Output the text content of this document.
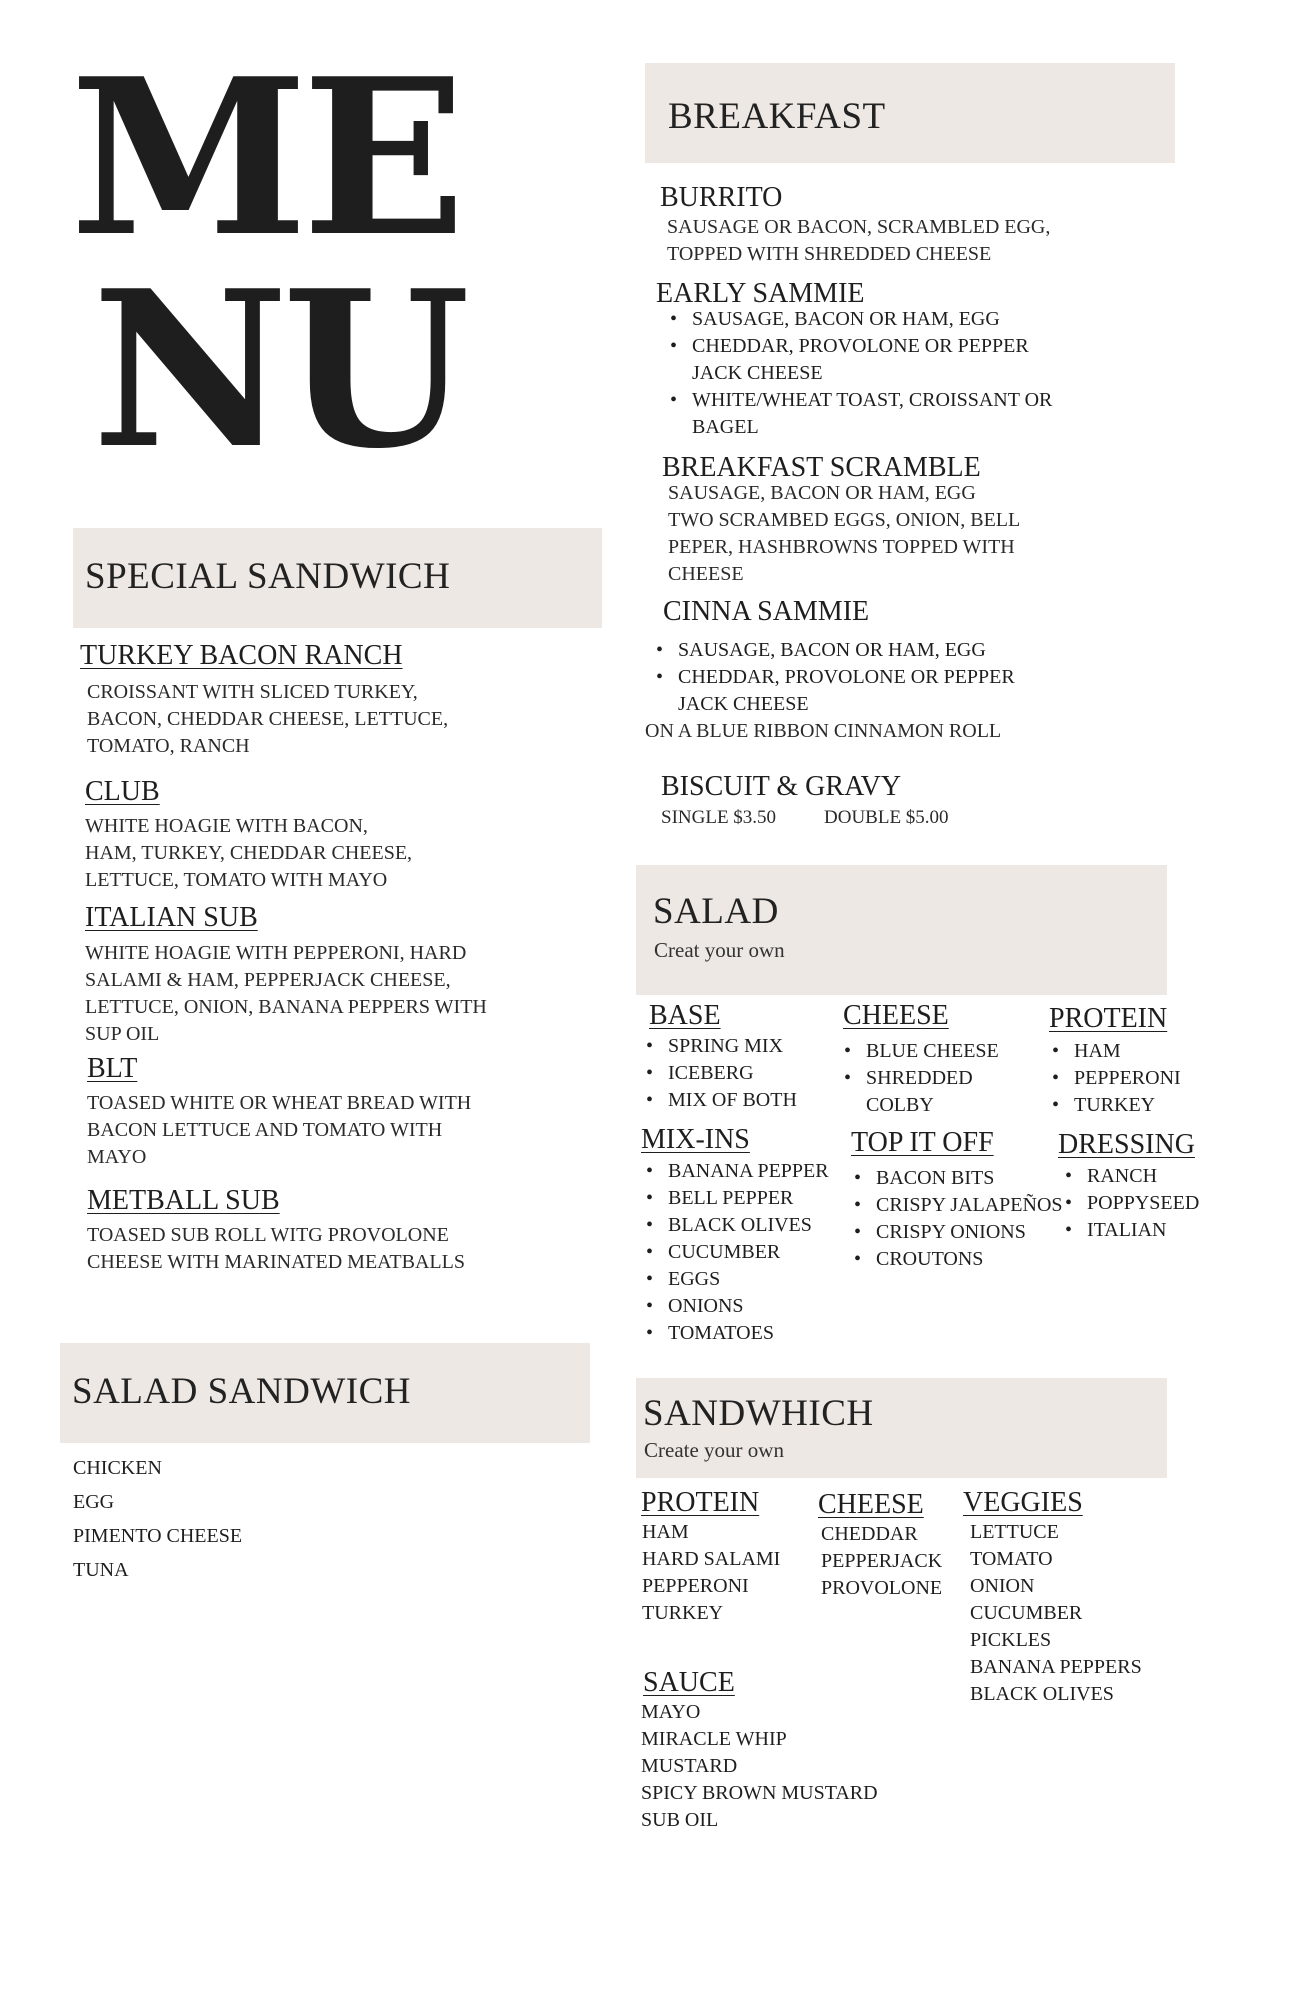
ME
NU
SPECIAL SANDWICH
TURKEY BACON RANCH
CROISSANT WITH SLICED TURKEY,
BACON, CHEDDAR CHEESE, LETTUCE,
TOMATO, RANCH
CLUB
WHITE HOAGIE WITH BACON,
HAM, TURKEY, CHEDDAR CHEESE,
LETTUCE, TOMATO WITH MAYO
ITALIAN SUB
WHITE HOAGIE WITH PEPPERONI, HARD
SALAMI & HAM, PEPPERJACK CHEESE,
LETTUCE, ONION, BANANA PEPPERS WITH
SUP OIL
BLT
TOASED WHITE OR WHEAT BREAD WITH
BACON LETTUCE AND TOMATO WITH
MAYO
METBALL SUB
TOASED SUB ROLL WITG PROVOLONE
CHEESE WITH MARINATED MEATBALLS
SALAD SANDWICH
CHICKEN
EGG
PIMENTO CHEESE
TUNA
BREAKFAST
BURRITO
SAUSAGE OR BACON, SCRAMBLED EGG,
TOPPED WITH SHREDDED CHEESE
EARLY SAMMIE
• SAUSAGE, BACON OR HAM, EGG
• CHEDDAR, PROVOLONE OR PEPPER
JACK CHEESE
• WHITE/WHEAT TOAST, CROISSANT OR
BAGEL
BREAKFAST SCRAMBLE
SAUSAGE, BACON OR HAM, EGG
TWO SCRAMBED EGGS, ONION, BELL
PEPER, HASHBROWNS TOPPED WITH
CHEESE
CINNA SAMMIE
• SAUSAGE, BACON OR HAM, EGG
• CHEDDAR, PROVOLONE OR PEPPER
JACK CHEESE
ON A BLUE RIBBON CINNAMON ROLL
BISCUIT & GRAVY
SINGLE $3.50	DOUBLE $5.00
SALAD
Creat your own
BASE
• SPRING MIX
• ICEBERG
• MIX OF BOTH
CHEESE
• BLUE CHEESE
• SHREDDED
COLBY
PROTEIN
• HAM
• PEPPERONI
• TURKEY
MIX-INS
• BANANA PEPPER
• BELL PEPPER
• BLACK OLIVES
• CUCUMBER
• EGGS
• ONIONS
• TOMATOES
TOP IT OFF
• BACON BITS
• CRISPY JALAPEÑOS
• CRISPY ONIONS
• CROUTONS
DRESSING
• RANCH
• POPPYSEED
• ITALIAN
SANDWHICH
Create your own
PROTEIN
HAM
HARD SALAMI
PEPPERONI
TURKEY
CHEESE
CHEDDAR
PEPPERJACK
PROVOLONE
VEGGIES
LETTUCE
TOMATO
ONION
CUCUMBER
PICKLES
BANANA PEPPERS
BLACK OLIVES
SAUCE
MAYO
MIRACLE WHIP
MUSTARD
SPICY BROWN MUSTARD
SUB OIL
